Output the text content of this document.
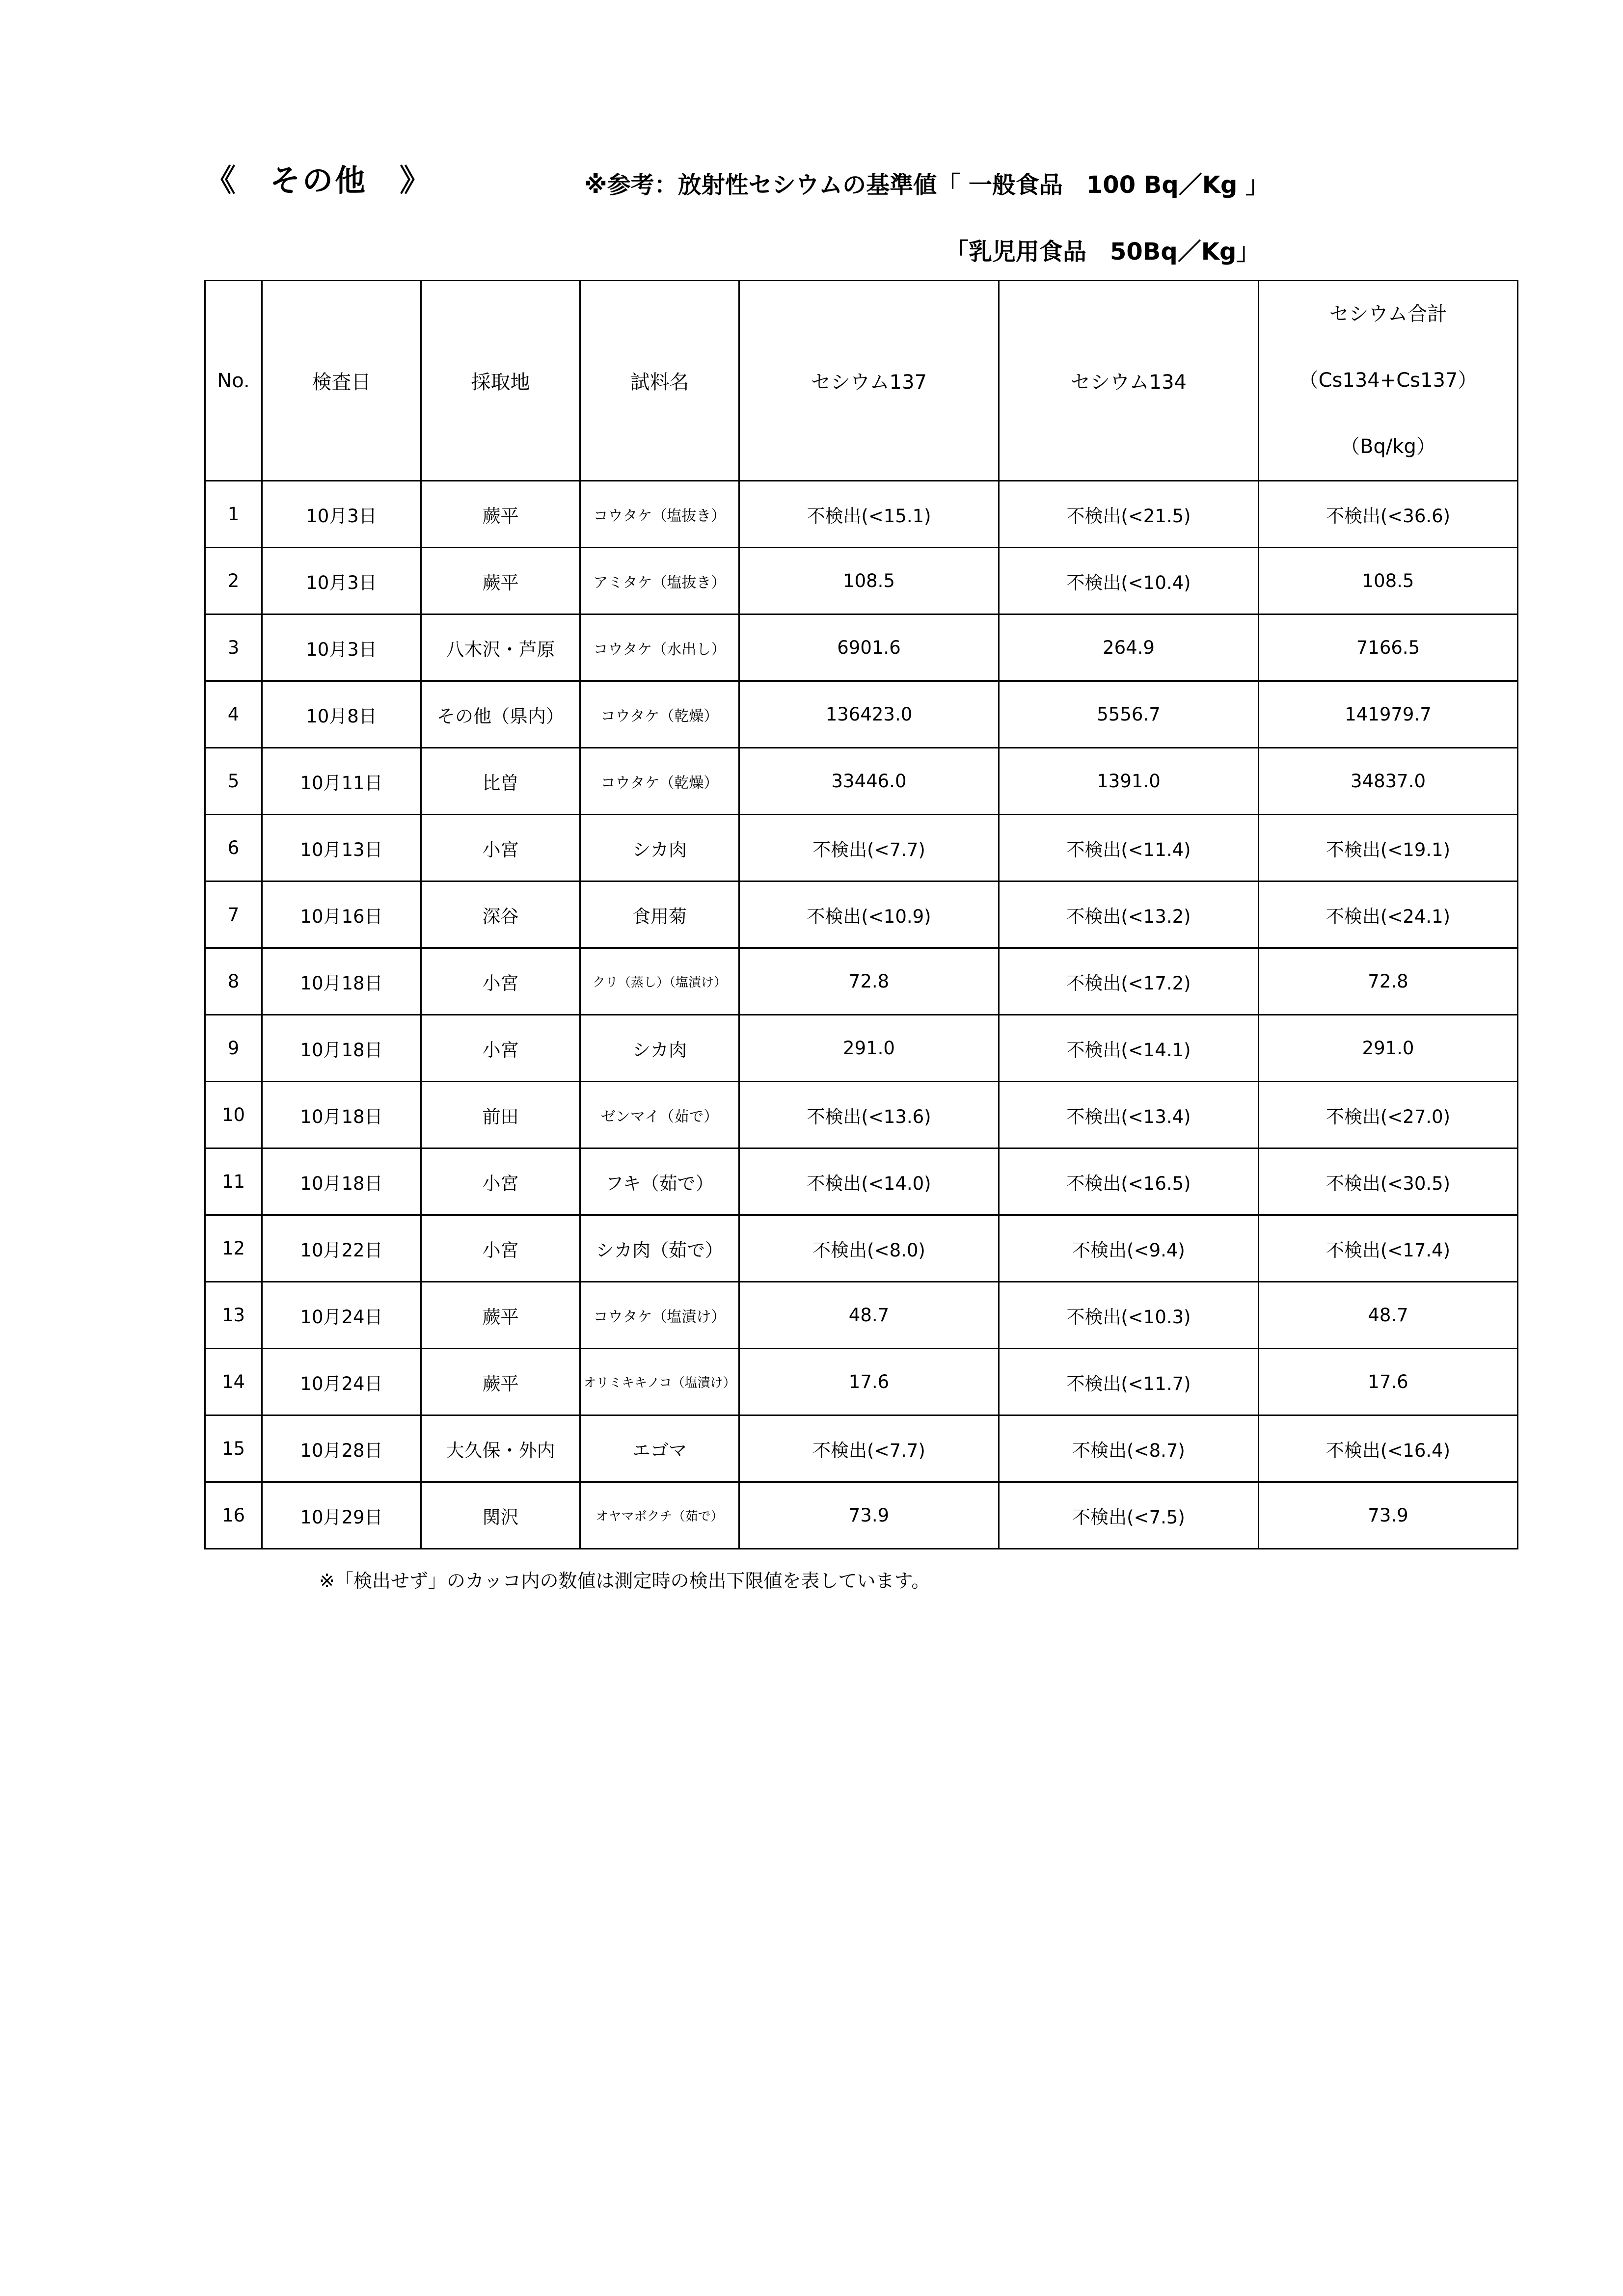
《　その他　》	※参考：放射性セシウムの基準値「 一般食品　100 Bq／Kg 」
「乳児用食品　50Bq／Kg」
No.	検査日	採取地	試料名	セシウム137	セシウム134	セシウム合計
（Cs134+Cs137）
（Bq/kg）

1	10月3日	蕨平	コウタケ（塩抜き）	不検出(<15.1)	不検出(<21.5)	不検出(<36.6)
2	10月3日	蕨平	アミタケ（塩抜き）	108.5	不検出(<10.4)	108.5
3	10月3日	八木沢・芦原	コウタケ（水出し）	6901.6	264.9	7166.5
4	10月8日	その他（県内）	コウタケ（乾燥）	136423.0	5556.7	141979.7
5	10月11日	比曽	コウタケ（乾燥）	33446.0	1391.0	34837.0
6	10月13日	小宮	シカ肉	不検出(<7.7)	不検出(<11.4)	不検出(<19.1)
7	10月16日	深谷	食用菊	不検出(<10.9)	不検出(<13.2)	不検出(<24.1)
8	10月18日	小宮	クリ（蒸し）（塩漬け）	72.8	不検出(<17.2)	72.8
9	10月18日	小宮	シカ肉	291.0	不検出(<14.1)	291.0
10	10月18日	前田	ゼンマイ（茹で）	不検出(<13.6)	不検出(<13.4)	不検出(<27.0)
11	10月18日	小宮	フキ（茹で）	不検出(<14.0)	不検出(<16.5)	不検出(<30.5)
12	10月22日	小宮	シカ肉（茹で）	不検出(<8.0)	不検出(<9.4)	不検出(<17.4)
13	10月24日	蕨平	コウタケ（塩漬け）	48.7	不検出(<10.3)	48.7
14	10月24日	蕨平	オリミキキノコ（塩漬け）	17.6	不検出(<11.7)	17.6
15	10月28日	大久保・外内	エゴマ	不検出(<7.7)	不検出(<8.7)	不検出(<16.4)
16	10月29日	関沢	オヤマボクチ（茹で）	73.9	不検出(<7.5)	73.9
※「検出せず」のカッコ内の数値は測定時の検出下限値を表しています。
